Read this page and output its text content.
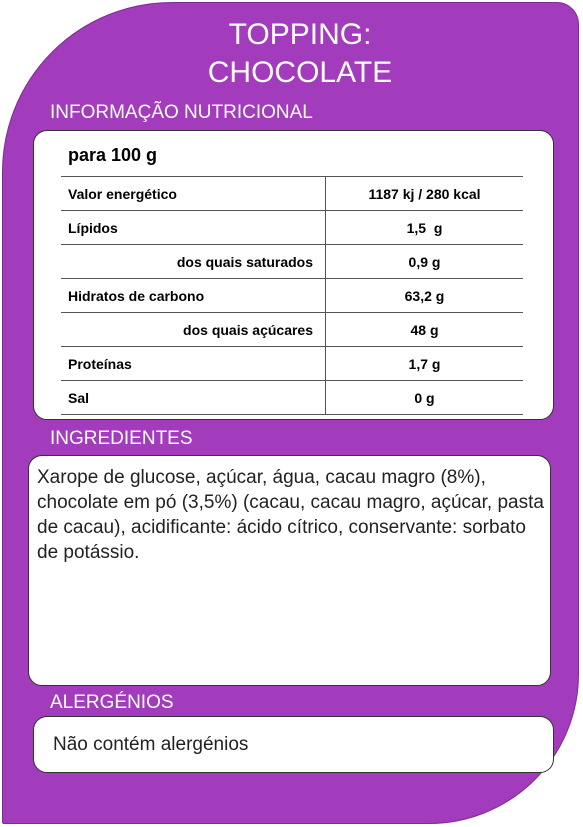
TOPPING:
CHOCOLATE
INFORMAÇÃO NUTRICIONAL
para 100 g
Valor energético	1187 kj / 280 kcal
Lípidos	1,5  g
dos quais saturados	0,9 g
Hidratos de carbono	63,2 g
dos quais açúcares	48 g
Proteínas	1,7 g
Sal	0 g
INGREDIENTES
Xarope de glucose, açúcar, água, cacau magro (8%), chocolate em pó (3,5%) (cacau, cacau magro, açúcar, pasta de cacau), acidificante: ácido cítrico, conservante: sorbato de potássio.
ALERGÉNIOS
Não contém alergénios
